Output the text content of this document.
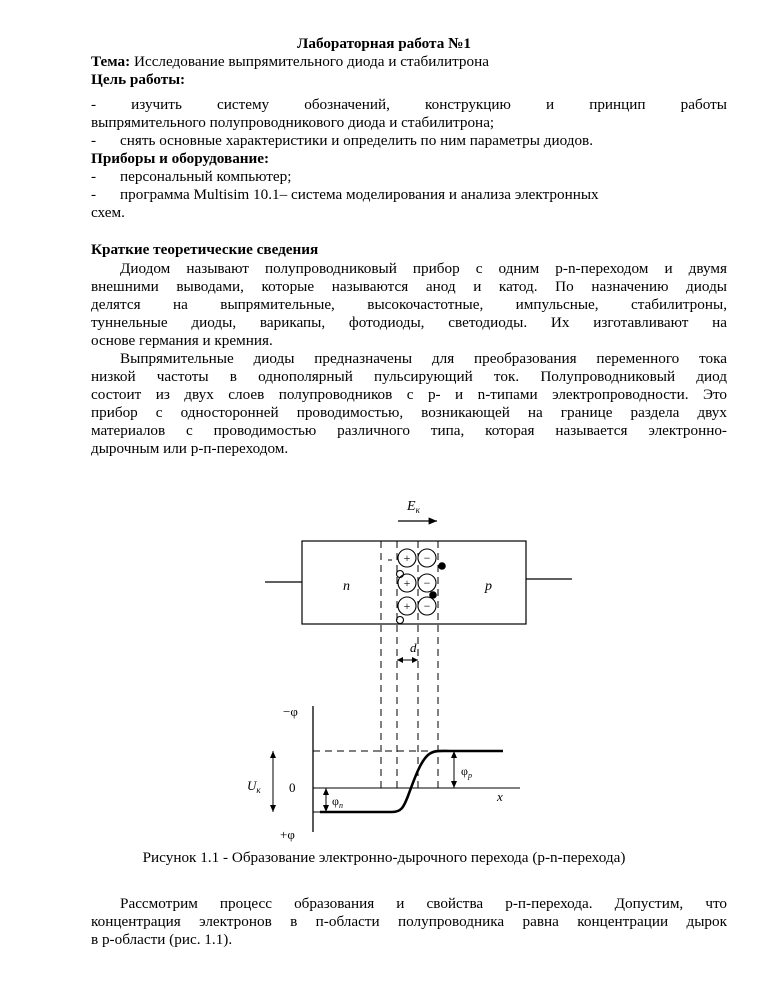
Лабораторная работа №1
Тема: Исследование выпрямительного диода и стабилитрона
Цель работы:
- изучить систему обозначений, конструкцию и принцип работы
выпрямительного полупроводникового диода и стабилитрона;
- снять основные характеристики и определить по ним параметры диодов.
Приборы и оборудование:
- персональный компьютер;
- программа Multisim 10.1– система моделирования и анализа электронных
схем.
Краткие теоретические сведения
Диодом называют полупроводниковый прибор с одним р-n-переходом и двумя
внешними выводами, которые называются анод и катод. По назначению диоды
делятся на выпрямительные, высокочастотные, импульсные, стабилитроны,
туннельные диоды, варикапы, фотодиоды, светодиоды. Их изготавливают на
основе германия и кремния.
Выпрямительные диоды предназначены для преобразования переменного тока
низкой частоты в однополярный пульсирующий ток. Полупроводниковый диод
состоит из двух слоев полупроводников с p- и n-типами электропроводности. Это
прибор с односторонней проводимостью, возникающей на границе раздела двух
материалов с проводимостью различного типа, которая называется электронно-
дырочным или p-п-переходом.
$E_к$
n	p
+
+
+
−
−
−
d
−φ
+φ
0
x
$U_к$
$\varphi_n$
$\varphi_p$
Рисунок 1.1 - Образование электронно-дырочного перехода (p-n-перехода)
Рассмотрим процесс образования и свойства р-п-перехода. Допустим, что
концентрация электронов в п-области полупроводника равна концентрации дырок
в р-области (рис. 1.1).
